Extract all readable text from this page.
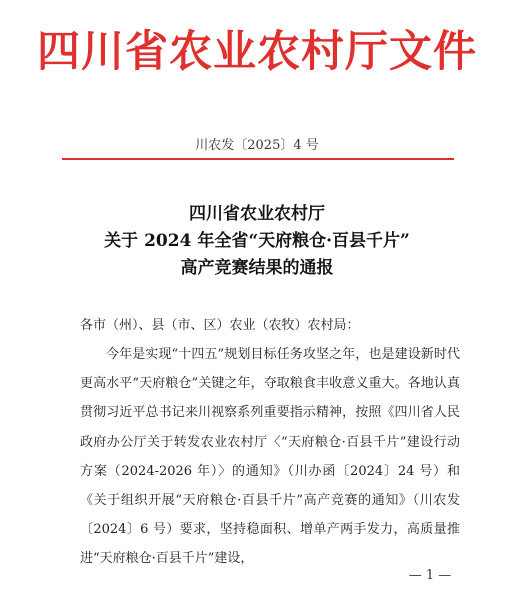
四川省农业农村厅文件
川农发〔2025〕4 号
四川省农业农村厅
关于 2024 年全省“天府粮仓·百县千片”
高产竞赛结果的通报
各市（州）、县（市、区）农业（农牧）农村局：
今年是实现“十四五”规划目标任务攻坚之年，也是建设新时代更高水平“天府粮仓”关键之年，夺取粮食丰收意义重大。各地认真贯彻习近平总书记来川视察系列重要指示精神，按照《四川省人民政府办公厅关于转发农业农村厅〈“天府粮仓·百县千片”建设行动方案（2024-2026 年）〉的通知》（川办函〔2024〕24 号）和《关于组织开展“天府粮仓·百县千片”高产竞赛的通知》（川农发〔2024〕6 号）要求，坚持稳面积、增单产两手发力，高质量推进“天府粮仓·百县千片”建设，
— 1 —
